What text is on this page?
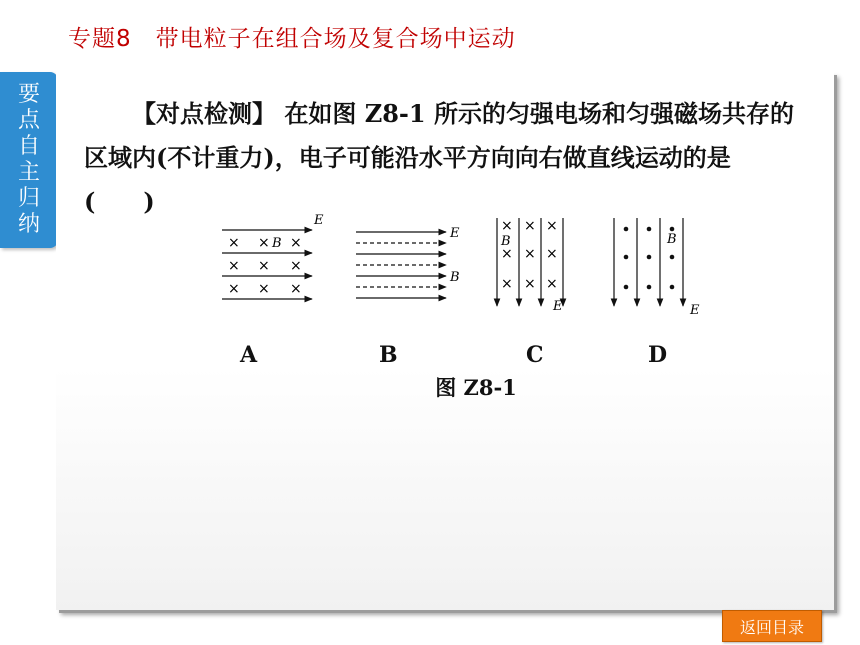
专题8　带电粒子在组合场及复合场中运动
要点自主归纳
【对点检测】 在如图 Z8-1 所示的匀强电场和匀强磁场共存的区域内(不计重力)，电子可能沿水平方向向右做直线运动的是(　　)
E
× × B ×
× × ×
× × ×
E
B
× × ×
B
× × ×
× × ×
E
B
E
A	B	C	D
图 Z8-1
返回目录
